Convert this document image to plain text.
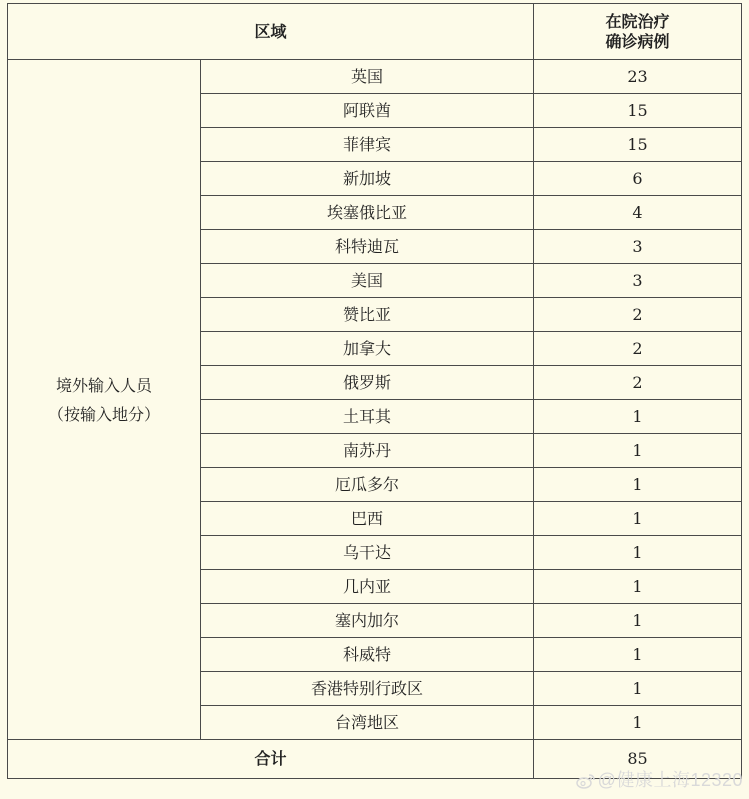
区域		在院治疗
确诊病例

境外输入人员
（按输入地分）	英国	23
	阿联酋	15
	菲律宾	15
	新加坡	6
	埃塞俄比亚	4
	科特迪瓦	3
	美国	3
	赞比亚	2
	加拿大	2
	俄罗斯	2
	土耳其	1
	南苏丹	1
	厄瓜多尔	1
	巴西	1
	乌干达	1
	几内亚	1
	塞内加尔	1
	科威特	1
	香港特别行政区	1
	台湾地区	1
合计		85
@健康上海12320
